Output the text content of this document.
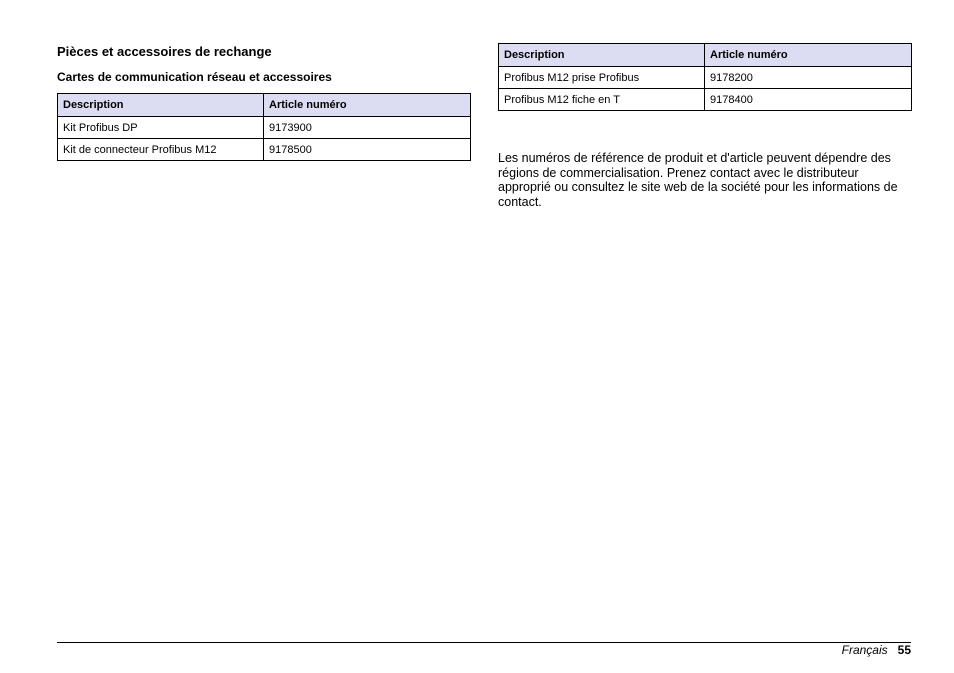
Pièces et accessoires de rechange
Cartes de communication réseau et accessoires
Description	Article numéro
Kit Profibus DP	9173900
Kit de connecteur Profibus M12	9178500
Description	Article numéro
Profibus M12 prise Profibus	9178200
Profibus M12 fiche en T	9178400

Les numéros de référence de produit et d'article peuvent dépendre des régions de commercialisation. Prenez contact avec le distributeur approprié ou consultez le site web de la société pour les informations de contact.

Français 55
